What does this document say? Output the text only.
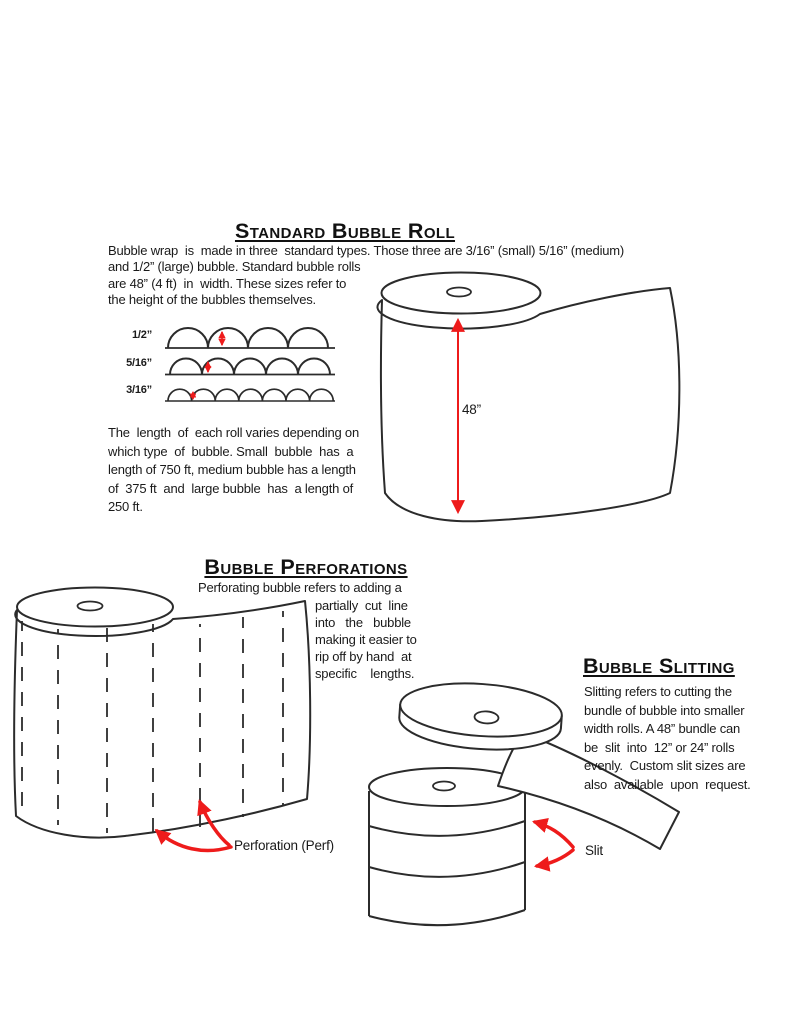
Standard Bubble Roll
Bubble wrap  is  made in three  standard types. Those three are 3/16” (small) 5/16” (medium)
and 1/2” (large) bubble. Standard bubble rolls
are 48” (4 ft)  in  width. These sizes refer to
the height of the bubbles themselves.
1/2”
5/16”
3/16”
The  length  of  each roll varies depending on
which type  of  bubble. Small  bubble  has  a
length of 750 ft, medium bubble has a length
of  375 ft  and  large bubble  has  a length of
250 ft.
48”
Bubble Perforations
Perforating bubble refers to adding a
partially  cut  line
into   the   bubble
making it easier to
rip off by hand  at
specific    lengths.
Perforation (Perf)
Bubble Slitting
Slitting refers to cutting the
bundle of bubble into smaller
width rolls. A 48” bundle can
be  slit  into  12” or 24” rolls
evenly.  Custom slit sizes are
also  available  upon  request.
Slit
